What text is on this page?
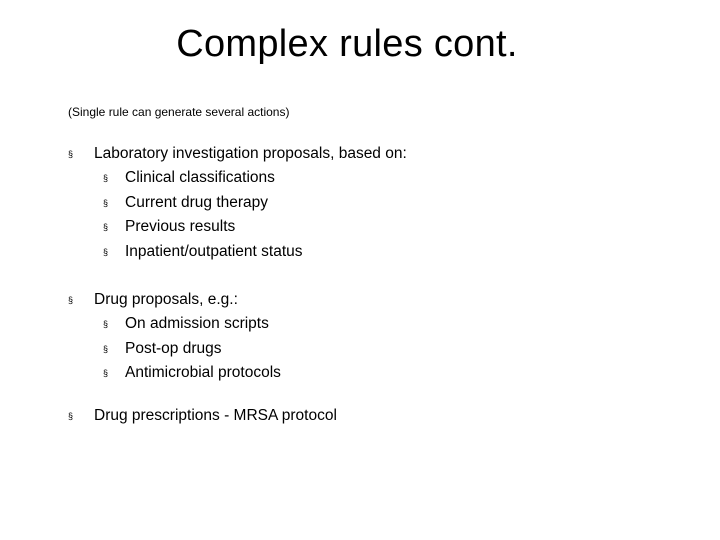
Complex rules cont.
(Single rule can generate several actions)
§ Laboratory investigation proposals, based on:
§ Clinical classifications
§ Current drug therapy
§ Previous results
§ Inpatient/outpatient status
§ Drug proposals, e.g.:
§ On admission scripts
§ Post-op drugs
§ Antimicrobial protocols
§ Drug prescriptions - MRSA protocol
